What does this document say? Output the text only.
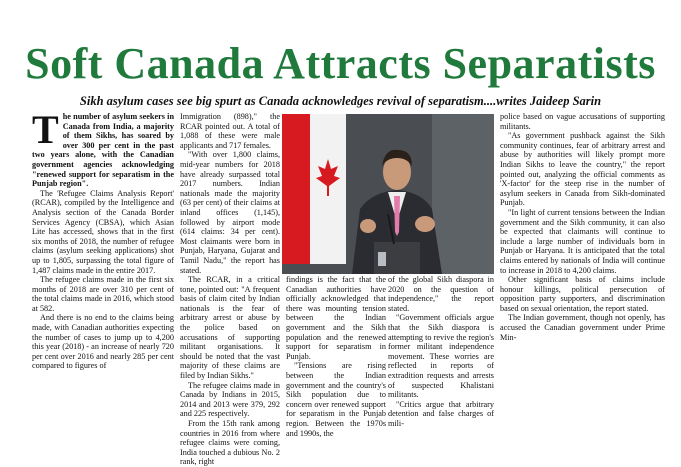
Soft Canada Attracts Separatists

Sikh asylum cases see big spurt as Canada acknowledges revival of separatism....writes Jaideep Sarin

The number of asylum seekers in Canada from India, a majority of them Sikhs, has soared by over 300 per cent in the past two years alone, with the Canadian government agencies acknowledging "renewed support for separatism in the Punjab region".

The 'Refugee Claims Analysis Report' (RCAR), compiled by the Intelligence and Analysis section of the Canada Border Services Agency (CBSA), which Asian Lite has accessed, shows that in the first six months of 2018, the number of refugee claims (asylum seeking applications) shot up to 1,805, surpassing the total figure of 1,487 claims made in the entire 2017.

The refugee claims made in the first six months of 2018 are over 310 per cent of the total claims made in 2016, which stood at 582.

And there is no end to the claims being made, with Canadian authorities expecting the number of cases to jump up to 4,200 this year (2018) - an increase of nearly 720 per cent over 2016 and nearly 285 per cent compared to figures of

Immigration (898)," the RCAR pointed out. A total of 1,088 of these were male applicants and 717 females.

"With over 1,800 claims, mid-year numbers for 2018 have already surpassed total 2017 numbers. Indian nationals made the majority (63 per cent) of their claims at inland offices (1,145), followed by airport mode (614 claims: 34 per cent). Most claimants were born in Punjab, Haryana, Gujarat and Tamil Nadu," the report has stated.

The RCAR, in a critical tone, pointed out: "A frequent basis of claim cited by Indian nationals is the fear of arbitrary arrest or abuse by the police based on accusations of supporting militant organisations. It should be noted that the vast majority of these claims are filed by Indian Sikhs."

The refugee claims made in Canada by Indians in 2015, 2014 and 2013 were 379, 292 and 225 respectively.

From the 15th rank among countries in 2016 from where refugee claims were coming, India touched a dubious No. 2 rank, right

findings is the fact that the Canadian authorities have officially acknowledged that there was mounting tension between the Indian government and the Sikh population and the renewed support for separatism in Punjab.

"Tensions are rising between the Indian government and the country's Sikh population due to concern over renewed support for separatism in the Punjab region. Between the 1970s and 1990s, the

of the global Sikh diaspora in 2020 on the question of independence," the report stated.

"Government officials argue that the Sikh diaspora is attempting to revive the region's former militant independence movement. These worries are reflected in reports of extradition requests and arrests of suspected Khalistani militants.

"Critics argue that arbitrary detention and false charges of mili-

police based on vague accusations of supporting militants.

"As government pushback against the Sikh community continues, fear of arbitrary arrest and abuse by authorities will likely prompt more Indian Sikhs to leave the country," the report pointed out, analyzing the official comments as 'X-factor' for the steep rise in the number of asylum seekers in Canada from Sikh-dominated Punjab.

"In light of current tensions between the Indian government and the Sikh community, it can also be expected that claimants will continue to include a large number of individuals born in Punjab or Haryana. It is anticipated that the total claims entered by nationals of India will continue to increase in 2018 to 4,200 claims.

Other significant basis of claims include honour killings, political persecution of opposition party supporters, and discrimination based on sexual orientation, the report stated.

The Indian government, though not openly, has accused the Canadian government under Prime Min-
